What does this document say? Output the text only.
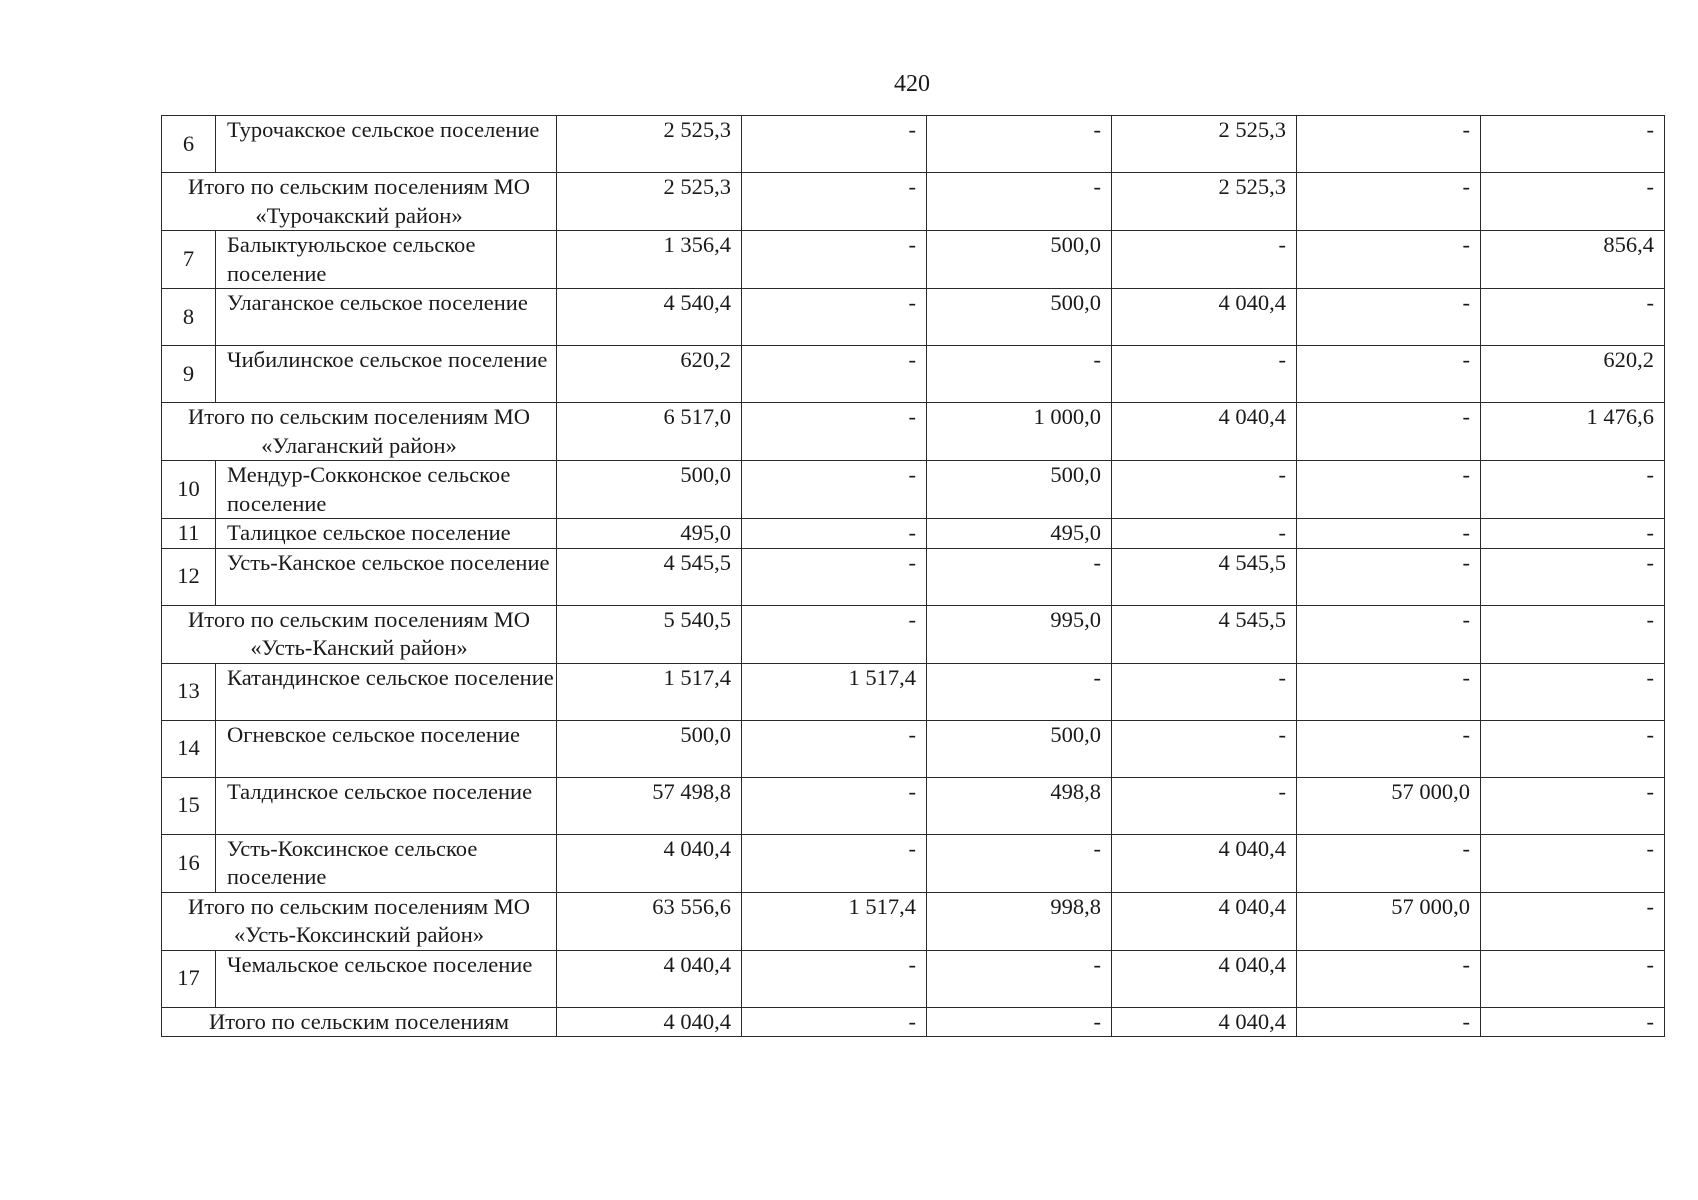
420
6	Турочакское сельское поселение	2 525,3	-	-	2 525,3	-	-
Итого по сельским поселениям МО «Турочакский район»		2 525,3	-	-	2 525,3	-	-
7	Балыктуюльское сельское поселение	1 356,4	-	500,0	-	-	856,4
8	Улаганское сельское поселение	4 540,4	-	500,0	4 040,4	-	-
9	Чибилинское сельское поселение	620,2	-	-	-	-	620,2
Итого по сельским поселениям МО «Улаганский район»		6 517,0	-	1 000,0	4 040,4	-	1 476,6
10	Мендур-Сокконское сельское поселение	500,0	-	500,0	-	-	-
11	Талицкое сельское поселение	495,0	-	495,0	-	-	-
12	Усть-Канское сельское поселение	4 545,5	-	-	4 545,5	-	-
Итого по сельским поселениям МО «Усть-Канский район»		5 540,5	-	995,0	4 545,5	-	-
13	Катандинское сельское поселение	1 517,4	1 517,4	-	-	-	-
14	Огневское сельское поселение	500,0	-	500,0	-	-	-
15	Талдинское сельское поселение	57 498,8	-	498,8	-	57 000,0	-
16	Усть-Коксинское сельское поселение	4 040,4	-	-	4 040,4	-	-
Итого по сельским поселениям МО «Усть-Коксинский район»		63 556,6	1 517,4	998,8	4 040,4	57 000,0	-
17	Чемальское сельское поселение	4 040,4	-	-	4 040,4	-	-
Итого по сельским поселениям		4 040,4	-	-	4 040,4	-	-
